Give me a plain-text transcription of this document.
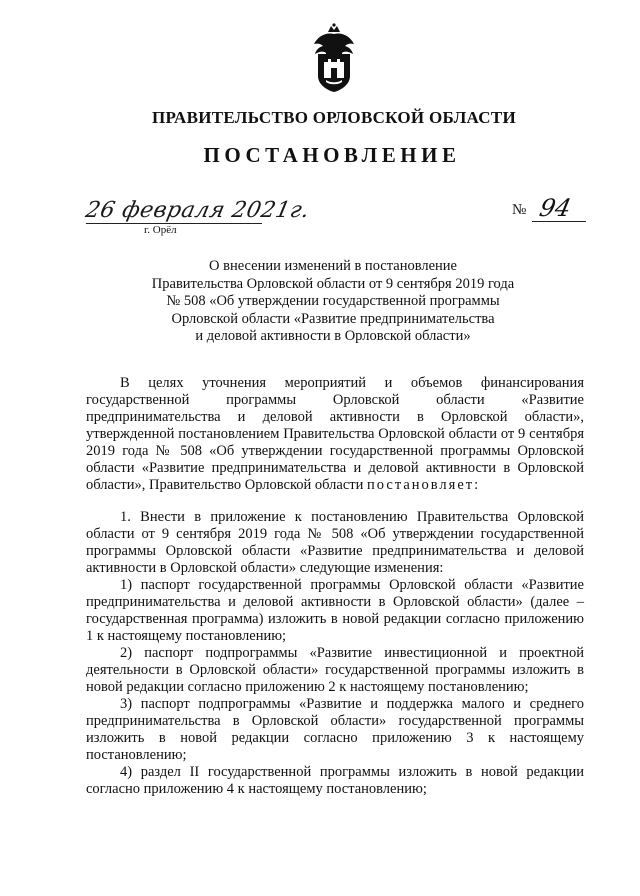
ПРАВИТЕЛЬСТВО ОРЛОВСКОЙ ОБЛАСТИ
ПОСТАНОВЛЕНИЕ
26 февраля 2021г.
г. Орёл
№ 94
О внесении изменений в постановление
Правительства Орловской области от 9 сентября 2019 года
№ 508 «Об утверждении государственной программы
Орловской области «Развитие предпринимательства
и деловой активности в Орловской области»

В целях уточнения мероприятий и объемов финансирования государственной программы Орловской области «Развитие предпринимательства и деловой активности в Орловской области», утвержденной постановлением Правительства Орловской области от 9 сентября 2019 года № 508 «Об утверждении государственной программы Орловской области «Развитие предпринимательства и деловой активности в Орловской области», Правительство Орловской области постановляет:

1. Внести в приложение к постановлению Правительства Орловской области от 9 сентября 2019 года № 508 «Об утверждении государственной программы Орловской области «Развитие предпринимательства и деловой активности в Орловской области» следующие изменения:

1) паспорт государственной программы Орловской области «Развитие предпринимательства и деловой активности в Орловской области» (далее – государственная программа) изложить в новой редакции согласно приложению 1 к настоящему постановлению;

2) паспорт подпрограммы «Развитие инвестиционной и проектной деятельности в Орловской области» государственной программы изложить в новой редакции согласно приложению 2 к настоящему постановлению;

3) паспорт подпрограммы «Развитие и поддержка малого и среднего предпринимательства в Орловской области» государственной программы изложить в новой редакции согласно приложению 3 к настоящему постановлению;

4) раздел II государственной программы изложить в новой редакции согласно приложению 4 к настоящему постановлению;
